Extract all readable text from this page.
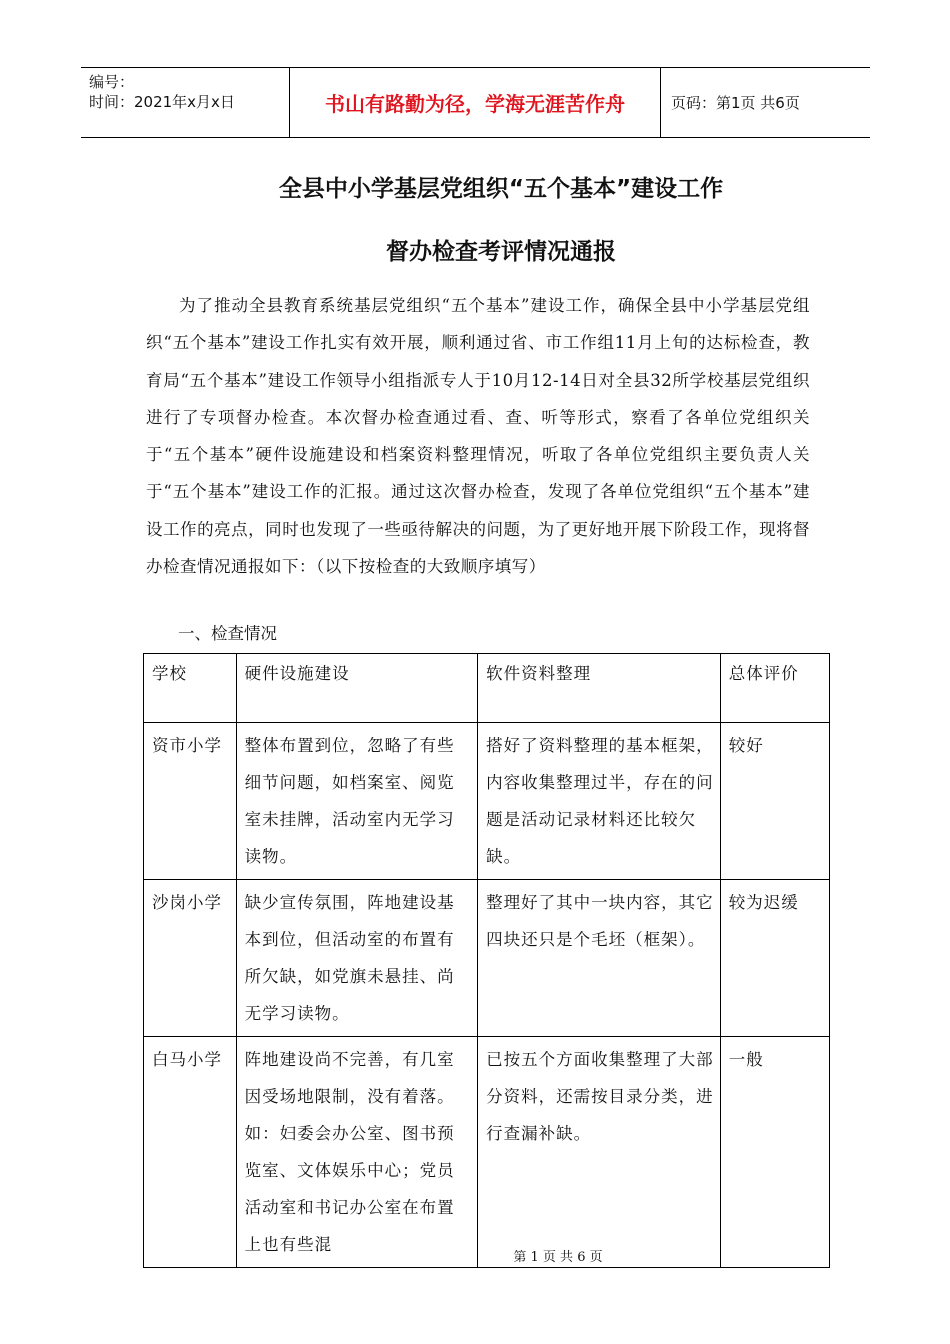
编号：
时间：2021年x月x日	书山有路勤为径，学海无涯苦作舟	页码：第1页 共6页
全县中小学基层党组织“五个基本”建设工作
督办检查考评情况通报
为了推动全县教育系统基层党组织“五个基本”建设工作，确保全县中小学基层党组织“五个基本”建设工作扎实有效开展，顺利通过省、市工作组11月上旬的达标检查，教育局“五个基本”建设工作领导小组指派专人于10月12-14日对全县32所学校基层党组织进行了专项督办检查。本次督办检查通过看、查、听等形式，察看了各单位党组织关于“五个基本”硬件设施建设和档案资料整理情况，听取了各单位党组织主要负责人关于“五个基本”建设工作的汇报。通过这次督办检查，发现了各单位党组织“五个基本”建设工作的亮点，同时也发现了一些亟待解决的问题，为了更好地开展下阶段工作，现将督办检查情况通报如下：（以下按检查的大致顺序填写）
一、检查情况
学校	硬件设施建设	软件资料整理	总体评价
资市小学	整体布置到位，忽略了有些细节问题，如档案室、阅览室未挂牌，活动室内无学习读物。	搭好了资料整理的基本框架，内容收集整理过半，存在的问题是活动记录材料还比较欠缺。	较好
沙岗小学	缺少宣传氛围，阵地建设基本到位，但活动室的布置有所欠缺，如党旗未悬挂、尚无学习读物。	整理好了其中一块内容，其它四块还只是个毛坯（框架）。	较为迟缓
白马小学	阵地建设尚不完善，有几室因受场地限制，没有着落。如：妇委会办公室、图书预览室、文体娱乐中心；党员活动室和书记办公室在布置上也有些混	已按五个方面收集整理了大部分资料，还需按目录分类，进行查漏补缺。	一般
第 1 页 共 6 页
